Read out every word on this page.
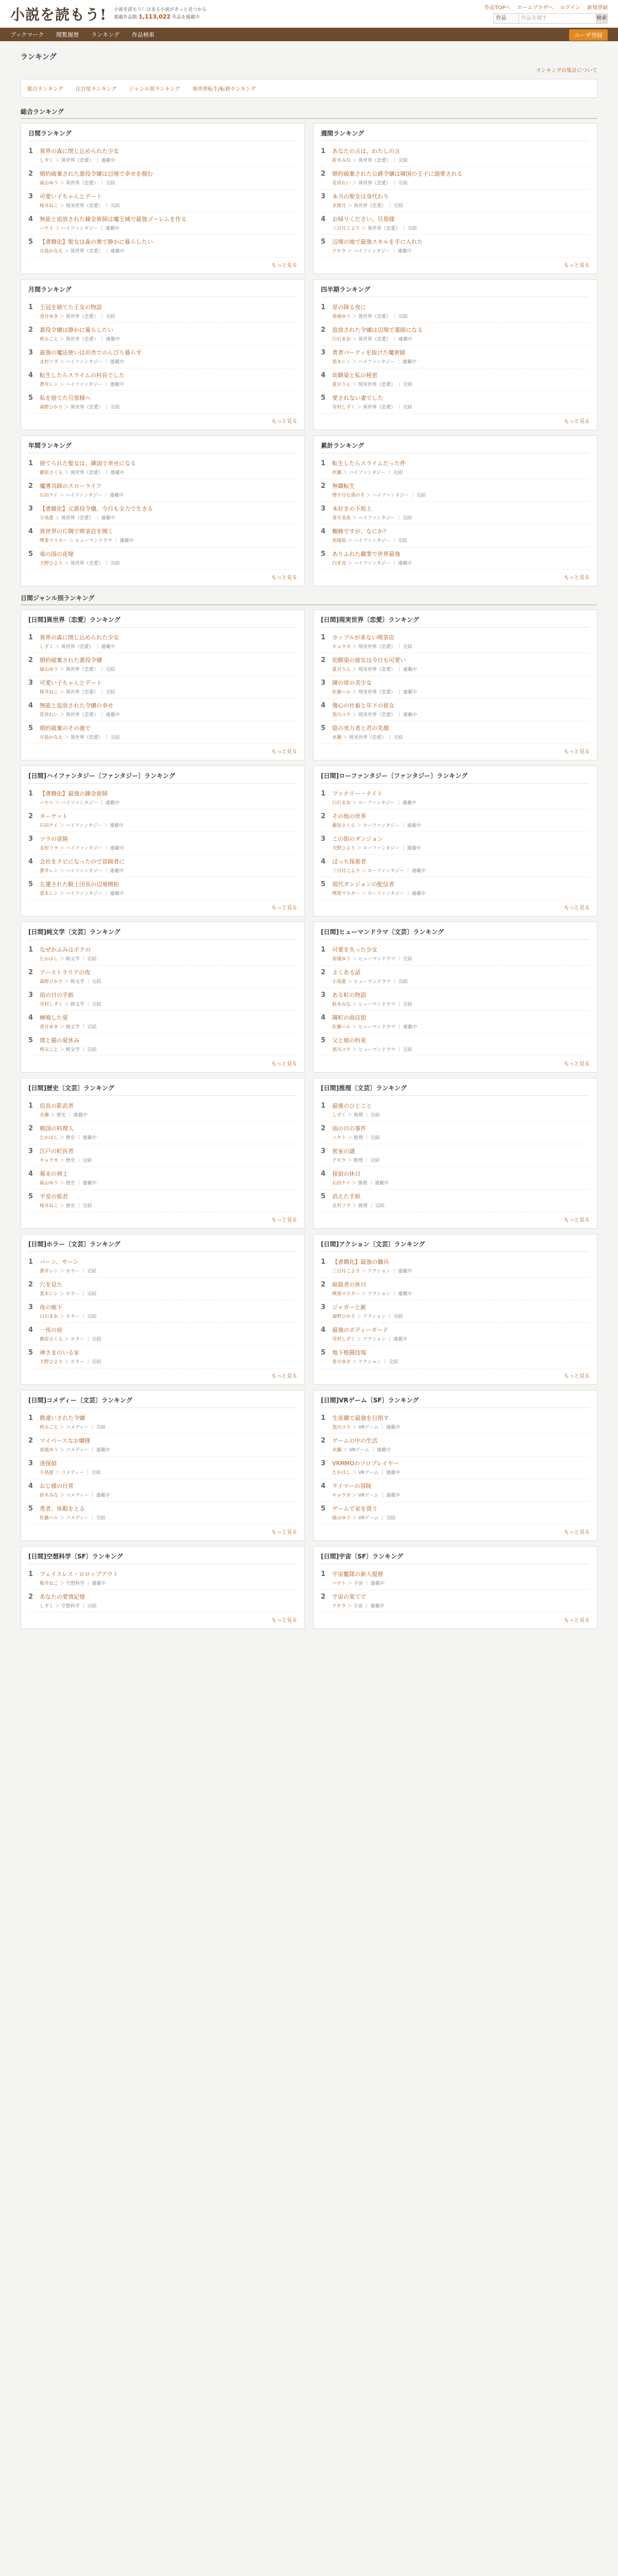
小説を読もう! 小説を読もう！はまる小説がきっと見つかる
掲載作品数 1,113,022 作品を掲載中
作品TOPへ ホームプラザへ ログイン 新規登録
作品	作品を探す	検索
ブックマーク 閲覧履歴 ランキング 作品検索	ユーザ登録
ランキング
ランキングの集計について
総合ランキング 注目度ランキング ジャンル別ランキング 異世界転生/転移ランキング
総合ランキング
日間ランキング
1	異界の森に閉じ込められた少女
しずく ＞ 異世界（恋愛） ｜ 連載中
2	婚約破棄された悪役令嬢は辺境で幸せを掴む
緑山ゆう ＞ 異世界（恋愛） ｜ 完結
3	可愛い子ちゃんとデート
桜井ねこ ＞ 現実世界（恋愛） ｜ 完結
4	無能と追放された錬金術師は魔王城で最強ゴーレムを作る
ハヤト ＞ ハイファンタジー ｜ 連載中
5	【書籍化】聖女は森の奥で静かに暮らしたい
月島かなえ ＞ 異世界（恋愛） ｜ 連載中
もっと見る
週間ランキング
1	あなたの言は、わたしの言
鈴木みな ＞ 異世界（恋愛） ｜ 完結
2	婚約破棄された公爵令嬢は隣国の王子に溺愛される
花宮れい ＞ 異世界（恋愛） ｜ 完結
3	本当の聖女は身代わり
水無月 ＞ 異世界（恋愛） ｜ 完結
4	お帰りください、旦那様
三日月こより ＞ 異世界（恋愛） ｜ 完結
5	辺境の地で最強スキルを手に入れた
アキラ ＞ ハイファンタジー ｜ 連載中
もっと見る
月間ランキング
1	王冠を捨てた王女の物語
香月ゆき ＞ 異世界（恋愛） ｜ 完結
2	悪役令嬢は静かに暮らしたい
柊みこと ＞ 異世界（恋愛） ｜ 連載中
3	最強の魔法使いは田舎でのんびり暮らす
北村ソラ ＞ ハイファンタジー ｜ 連載中
4	転生したらスライムの村長でした
蒼井レン ＞ ハイファンタジー ｜ 連載中
5	私を捨てた旦那様へ
森野ひかり ＞ 異世界（恋愛） ｜ 完結
もっと見る
四半期ランキング
1	星の降る夜に
春風ゆう ＞ 異世界（恋愛） ｜ 完結
2	追放された令嬢は辺境で薬師になる
白石まお ＞ 異世界（恋愛） ｜ 連載中
3	勇者パーティを抜けた魔術師
黒木シン ＞ ハイファンタジー ｜ 連載中
4	幼馴染と私の秘密
夏目りん ＞ 現実世界（恋愛） ｜ 完結
5	愛されない妻でした
雪村しずく ＞ 異世界（恋愛） ｜ 完結
もっと見る
年間ランキング
1	捨てられた聖女は、隣国で幸せになる
藤原さくら ＞ 異世界（恋愛） ｜ 連載中
2	魔導具師のスローライフ
石田ケイ ＞ ハイファンタジー ｜ 連載中
3	【書籍化】元悪役令嬢、今日も全力で生きる
小鳥遊 ＞ 異世界（恋愛） ｜ 連載中
4	異世界の片隅で喫茶店を開く
喫茶マスター ＞ ヒューマンドラマ ｜ 連載中
5	竜の国の花嫁
天野ひより ＞ 異世界（恋愛） ｜ 完結
もっと見る
累計ランキング
1	転生したらスライムだった件
伏瀬 ＞ ハイファンタジー ｜ 完結
2	無職転生
理不尽な孫の手 ＞ ハイファンタジー ｜ 完結
3	本好きの下剋上
香月美夜 ＞ ハイファンタジー ｜ 完結
4	蜘蛛ですが、なにか？
馬場翁 ＞ ハイファンタジー ｜ 完結
5	ありふれた職業で世界最強
白米良 ＞ ハイファンタジー ｜ 連載中
もっと見る
日間ジャンル別ランキング
[日間]異世界〔恋愛〕ランキング
1	異界の森に閉じ込められた少女
しずく ＞ 異世界（恋愛） ｜ 連載中
2	婚約破棄された悪役令嬢
緑山ゆう ＞ 異世界（恋愛） ｜ 完結
3	可愛い子ちゃんとデート
桜井ねこ ＞ 異世界（恋愛） ｜ 完結
4	無能と追放された令嬢の幸せ
花宮れい ＞ 異世界（恋愛） ｜ 連載中
5	婚約破棄のその後で
月島かなえ ＞ 異世界（恋愛） ｜ 完結
もっと見る
[日間]現実世界〔恋愛〕ランキング
1	カップルが来ない喫茶店
キョウカ ＞ 現実世界（恋愛） ｜ 完結
2	幼馴染の彼女は今日も可愛い
夏目りん ＞ 現実世界（恋愛） ｜ 連載中
3	隣の席の美少女
佐藤ハル ＞ 現実世界（恋愛） ｜ 連載中
4	傷心の社畜と年下の彼女
黒川ユウ ＞ 現実世界（恋愛） ｜ 連載中
5	陰の実力者と君の笑顔
水瀬 ＞ 現実世界（恋愛） ｜ 完結
もっと見る
[日間]ハイファンタジー〔ファンタジー〕ランキング
1	【書籍化】最強の錬金術師
ハヤト ＞ ハイファンタジー ｜ 連載中
2	ターゲット
石田ケイ ＞ ハイファンタジー ｜ 連載中
3	ソラの冒険
北村ソラ ＞ ハイファンタジー ｜ 連載中
4	会社をクビになったので冒険者に
蒼井レン ＞ ハイファンタジー ｜ 連載中
5	左遷された騎士団長の辺境開拓
黒木シン ＞ ハイファンタジー ｜ 連載中
もっと見る
[日間]ローファンタジー〔ファンタジー〕ランキング
1	ファナリー・ナイト
白石まお ＞ ローファンタジー ｜ 連載中
2	その他の世界
藤原さくら ＞ ローファンタジー ｜ 連載中
3	この街のダンジョン
天野ひより ＞ ローファンタジー ｜ 連載中
4	ぼっち探索者
三日月こより ＞ ローファンタジー ｜ 連載中
5	現代ダンジョンの配信者
喫茶マスター ＞ ローファンタジー ｜ 連載中
もっと見る
[日間]純文学〔文芸〕ランキング
1	なぜかふみはボクの
たかはし ＞ 純文学 ｜ 完結
2	アーストラリアの夜
森野ひかり ＞ 純文学 ｜ 完結
3	雨の日の手紙
雪村しずく ＞ 純文学 ｜ 完結
4	蝉鳴した夏
香月ゆき ＞ 純文学 ｜ 完結
5	僕と猫の夏休み
柊みこと ＞ 純文学 ｜ 完結
もっと見る
[日間]ヒューマンドラマ〔文芸〕ランキング
1	可愛を失った少女
春風ゆう ＞ ヒューマンドラマ ｜ 完結
2	よくある話
小鳥遊 ＞ ヒューマンドラマ ｜ 完結
3	ある町の物語
鈴木みな ＞ ヒューマンドラマ ｜ 完結
4	隣町の商店街
佐藤ハル ＞ ヒューマンドラマ ｜ 連載中
5	父と娘の約束
黒川ユウ ＞ ヒューマンドラマ ｜ 完結
もっと見る
[日間]歴史〔文芸〕ランキング
1	信長の影武者
水瀬 ＞ 歴史 ｜ 連載中
2	戦国の料理人
たかはし ＞ 歴史 ｜ 連載中
3	江戸の町医者
キョウカ ＞ 歴史 ｜ 完結
4	幕末の剣士
緑山ゆう ＞ 歴史 ｜ 連載中
5	平安の姫君
桜井ねこ ＞ 歴史 ｜ 完結
もっと見る
[日間]推理〔文芸〕ランキング
1	最後のひとこと
しずく ＞ 推理 ｜ 完結
2	雨の日の事件
ハヤト ＞ 推理 ｜ 完結
3	密室の謎
アキラ ＞ 推理 ｜ 完結
4	探偵の休日
石田ケイ ＞ 推理 ｜ 連載中
5	消えた手紙
北村ソラ ＞ 推理 ｜ 完結
もっと見る
[日間]ホラー〔文芸〕ランキング
1	バーン、サーン
蒼井レン ＞ ホラー ｜ 完結
2	穴を見た
黒木シン ＞ ホラー ｜ 完結
3	夜の廊下
白石まお ＞ ホラー ｜ 完結
4	一夜の宿
藤原さくら ＞ ホラー ｜ 完結
5	神さまのいる家
天野ひより ＞ ホラー ｜ 完結
もっと見る
[日間]アクション〔文芸〕ランキング
1	【書籍化】最強の傭兵
三日月こより ＞ アクション ｜ 連載中
2	暗殺者の休日
喫茶マスター ＞ アクション ｜ 連載中
3	ジャガーと銃
森野ひかり ＞ アクション ｜ 完結
4	最強のボディーガード
雪村しずく ＞ アクション ｜ 連載中
5	地下格闘技場
香月ゆき ＞ アクション ｜ 完結
もっと見る
[日間]コメディー〔文芸〕ランキング
1	勘違いされた令嬢
柊みこと ＞ コメディー ｜ 完結
2	マイペースなお嬢様
春風ゆう ＞ コメディー ｜ 連載中
3	迷探偵
小鳥遊 ＞ コメディー ｜ 完結
4	おじ様の日常
鈴木みな ＞ コメディー ｜ 連載中
5	勇者、休暇をとる
佐藤ハル ＞ コメディー ｜ 完結
もっと見る
[日間]VRゲーム〔SF〕ランキング
1	生産職で最強を目指す
黒川ユウ ＞ VRゲーム ｜ 連載中
2	ゲームの中の生活
水瀬 ＞ VRゲーム ｜ 連載中
3	VRMMOのソロプレイヤー
たかはし ＞ VRゲーム ｜ 連載中
4	テイマーの冒険
キョウカ ＞ VRゲーム ｜ 連載中
5	ゲームで家を買う
緑山ゆう ＞ VRゲーム ｜ 完結
もっと見る
[日間]空想科学〔SF〕ランキング
1	フェイスレス・ロロップアウト
桜井ねこ ＞ 空想科学 ｜ 連載中
2	あなたの愛情記憶
しずく ＞ 空想科学 ｜ 完結
もっと見る
[日間]宇宙〔SF〕ランキング
1	宇宙艦隊の新人提督
ハヤト ＞ 宇宙 ｜ 連載中
2	宇宙の果てで
アキラ ＞ 宇宙 ｜ 連載中
もっと見る
